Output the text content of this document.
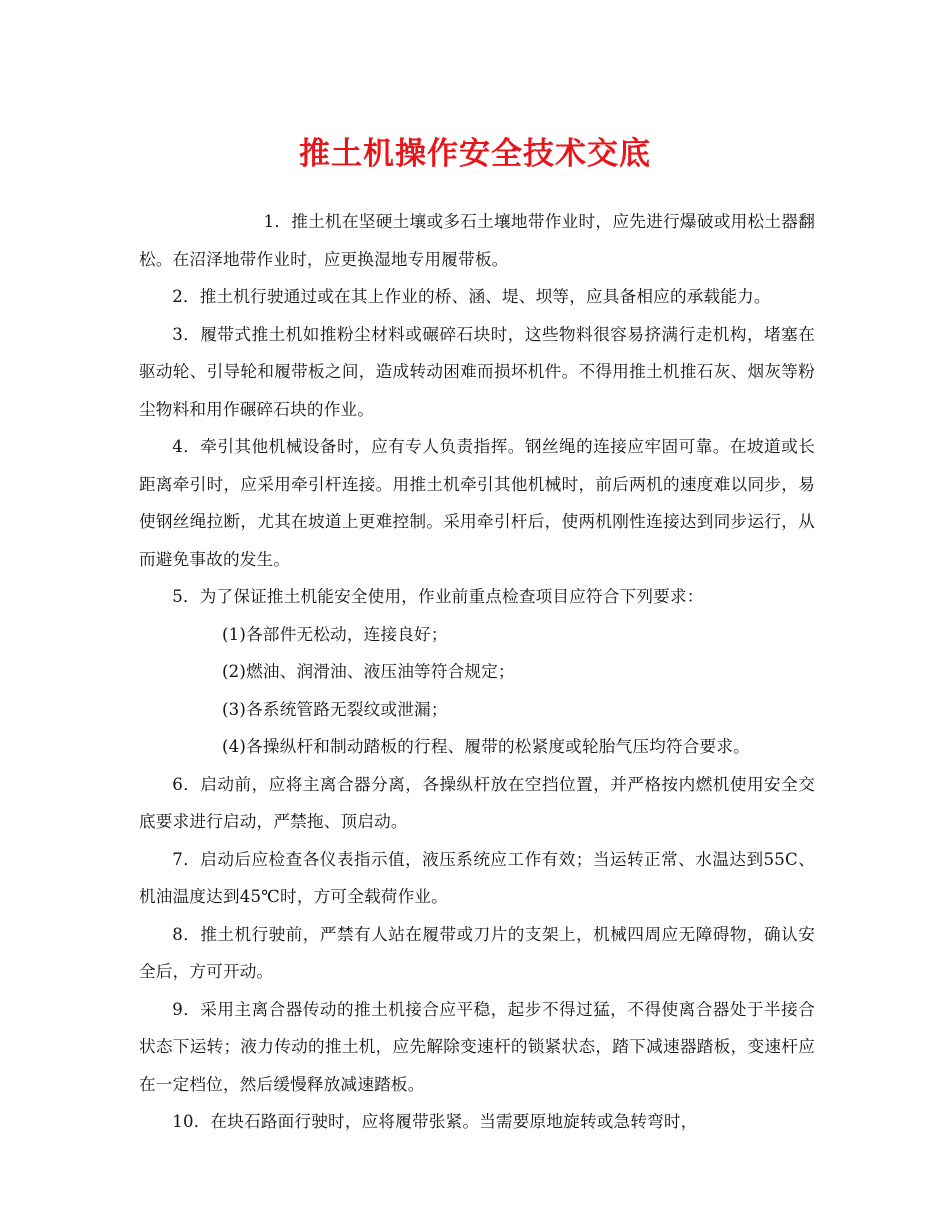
推土机操作安全技术交底

1．推土机在坚硬土壤或多石土壤地带作业时，应先进行爆破或用松土器翻松。在沼泽地带作业时，应更换湿地专用履带板。

2．推土机行驶通过或在其上作业的桥、涵、堤、坝等，应具备相应的承载能力。

3．履带式推土机如推粉尘材料或碾碎石块时，这些物料很容易挤满行走机构，堵塞在驱动轮、引导轮和履带板之间，造成转动困难而损坏机件。不得用推土机推石灰、烟灰等粉尘物料和用作碾碎石块的作业。

4．牵引其他机械设备时，应有专人负责指挥。钢丝绳的连接应牢固可靠。在坡道或长距离牵引时，应采用牵引杆连接。用推土机牵引其他机械时，前后两机的速度难以同步，易使钢丝绳拉断，尤其在坡道上更难控制。采用牵引杆后，使两机刚性连接达到同步运行，从而避免事故的发生。

5．为了保证推土机能安全使用，作业前重点检查项目应符合下列要求：

(1)各部件无松动，连接良好；

(2)燃油、润滑油、液压油等符合规定；

(3)各系统管路无裂纹或泄漏；

(4)各操纵杆和制动踏板的行程、履带的松紧度或轮胎气压均符合要求。

6．启动前，应将主离合器分离，各操纵杆放在空挡位置，并严格按内燃机使用安全交底要求进行启动，严禁拖、顶启动。

7．启动后应检查各仪表指示值，液压系统应工作有效；当运转正常、水温达到55C、机油温度达到45℃时，方可全载荷作业。

8．推土机行驶前，严禁有人站在履带或刀片的支架上，机械四周应无障碍物，确认安全后，方可开动。

9．采用主离合器传动的推土机接合应平稳，起步不得过猛，不得使离合器处于半接合状态下运转；液力传动的推土机，应先解除变速杆的锁紧状态，踏下减速器踏板，变速杆应在一定档位，然后缓慢释放减速踏板。

10．在块石路面行驶时，应将履带张紧。当需要原地旋转或急转弯时，
